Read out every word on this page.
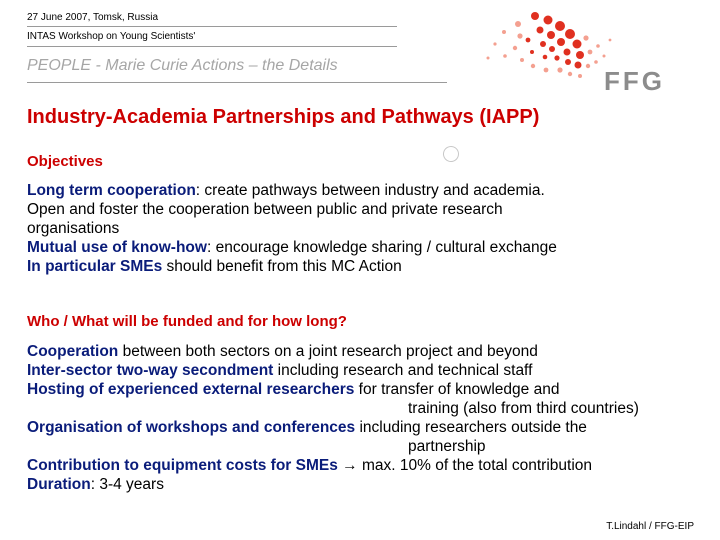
27 June 2007, Tomsk, Russia
INTAS Workshop on Young Scientists'
PEOPLE - Marie Curie Actions – the Details
FFG
Industry-Academia Partnerships and Pathways (IAPP)
Objectives
Long term cooperation: create pathways between industry and academia.
Open and foster the cooperation between public and private research
organisations
Mutual use of know-how: encourage knowledge sharing / cultural exchange
In particular SMEs should benefit from this MC Action
Who / What will be funded and for how long?
Cooperation between both sectors on a joint research project and beyond
Inter-sector two-way secondment including research and technical staff
Hosting of experienced external researchers for transfer of knowledge and
training (also from third countries)
Organisation of workshops and conferences including researchers outside the
partnership
Contribution to equipment costs for SMEs → max. 10% of the total contribution
Duration: 3-4 years
T.Lindahl / FFG-EIP
